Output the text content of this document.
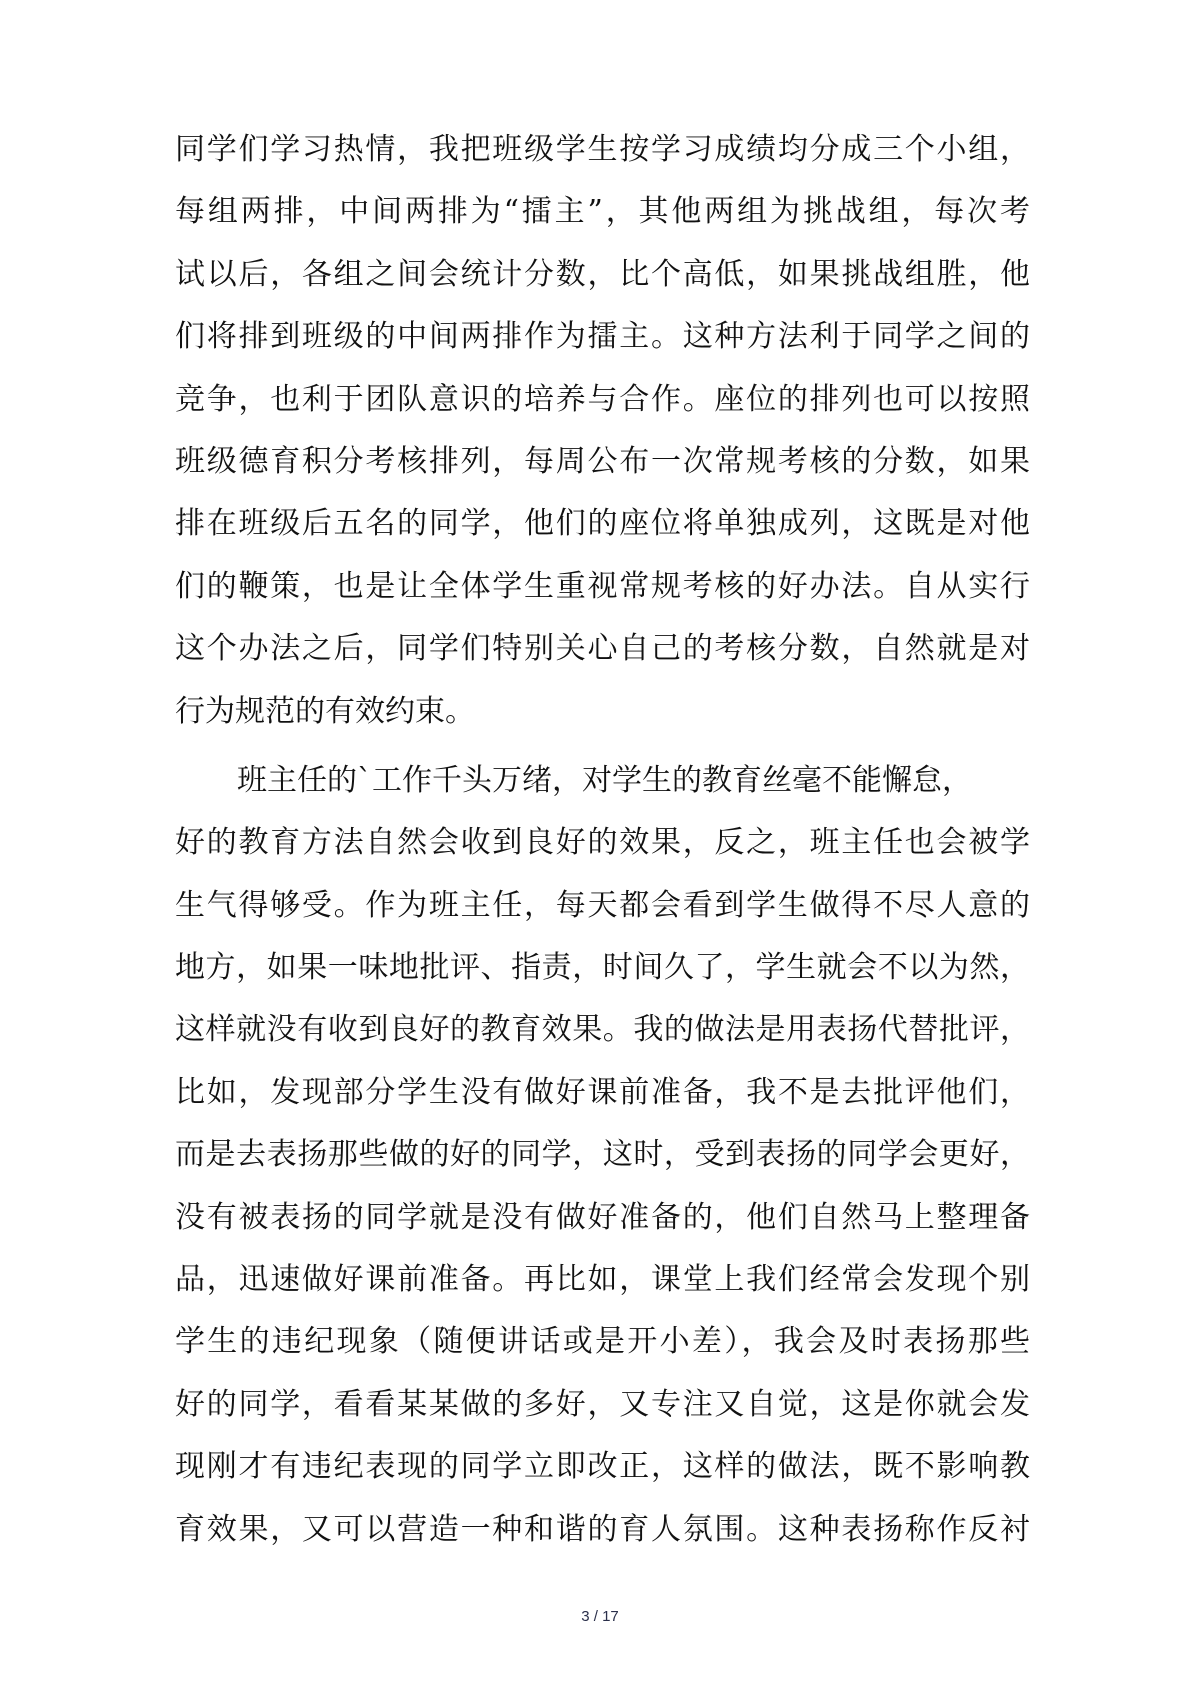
同学们学习热情，我把班级学生按学习成绩均分成三个小组，
每组两排，中间两排为“擂主”，其他两组为挑战组，每次考
试以后，各组之间会统计分数，比个高低，如果挑战组胜，他
们将排到班级的中间两排作为擂主。这种方法利于同学之间的
竞争，也利于团队意识的培养与合作。座位的排列也可以按照
班级德育积分考核排列，每周公布一次常规考核的分数，如果
排在班级后五名的同学，他们的座位将单独成列，这既是对他
们的鞭策，也是让全体学生重视常规考核的好办法。自从实行
这个办法之后，同学们特别关心自己的考核分数，自然就是对
行为规范的有效约束。
班主任的`工作千头万绪，对学生的教育丝毫不能懈怠，
好的教育方法自然会收到良好的效果，反之，班主任也会被学
生气得够受。作为班主任，每天都会看到学生做得不尽人意的
地方，如果一味地批评、指责，时间久了，学生就会不以为然，
这样就没有收到良好的教育效果。我的做法是用表扬代替批评，
比如，发现部分学生没有做好课前准备，我不是去批评他们，
而是去表扬那些做的好的同学，这时，受到表扬的同学会更好，
没有被表扬的同学就是没有做好准备的，他们自然马上整理备
品，迅速做好课前准备。再比如，课堂上我们经常会发现个别
学生的违纪现象（随便讲话或是开小差），我会及时表扬那些
好的同学，看看某某做的多好，又专注又自觉，这是你就会发
现刚才有违纪表现的同学立即改正，这样的做法，既不影响教
育效果，又可以营造一种和谐的育人氛围。这种表扬称作反衬
3 / 17
